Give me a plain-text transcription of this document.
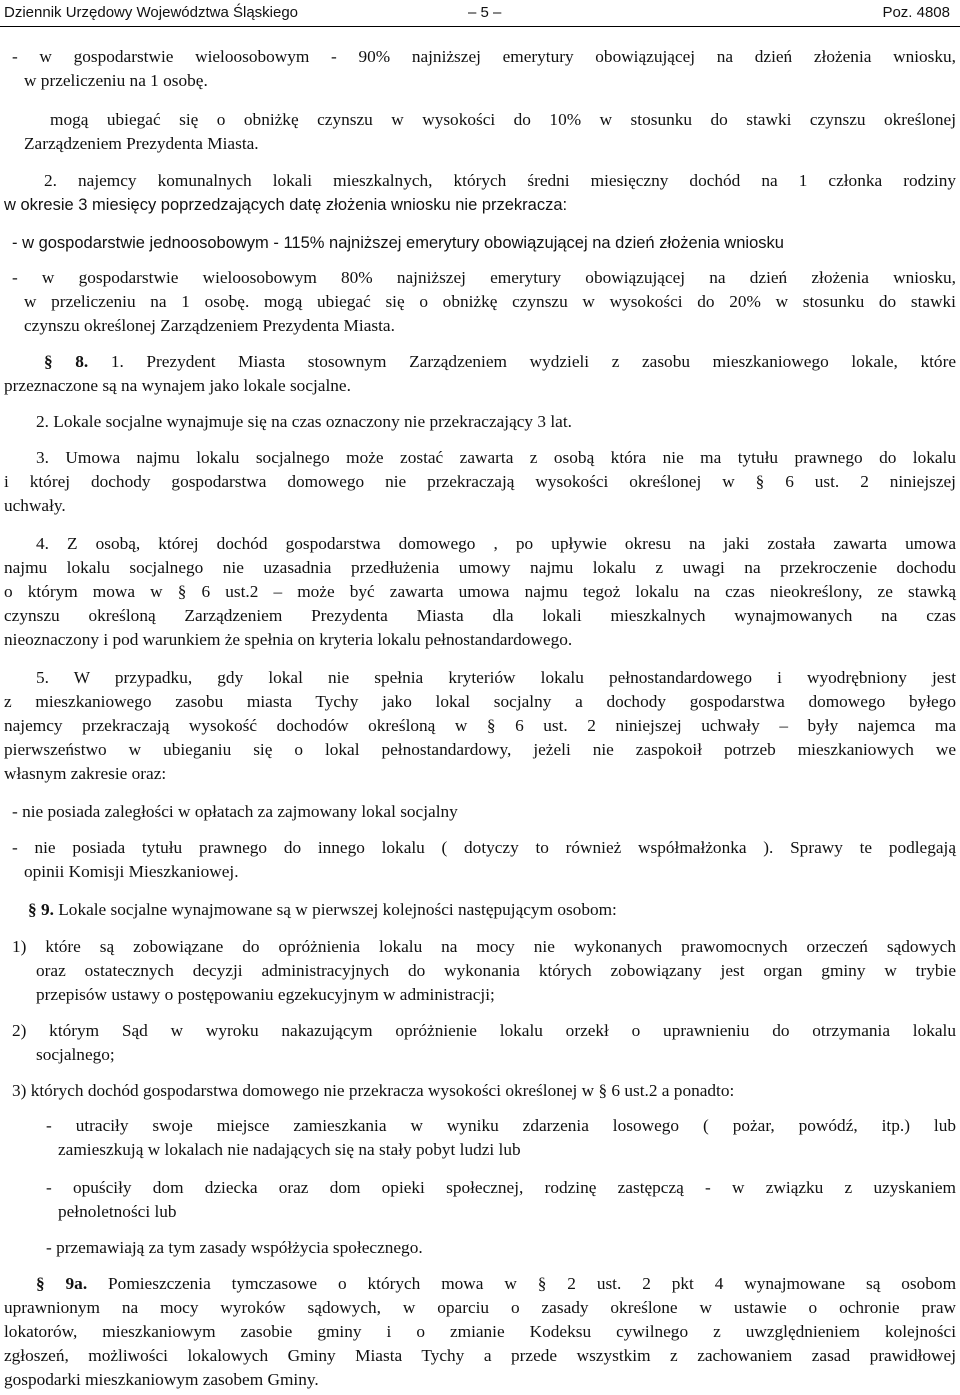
Dziennik Urzędowy Województwa Śląskiego	– 5 –	Poz. 4808
- w gospodarstwie wieloosobowym - 90% najniższej emerytury obowiązującej na dzień złożenia wniosku,
w przeliczeniu na 1 osobę.
mogą ubiegać się o obniżkę czynszu w wysokości do 10% w stosunku do stawki czynszu określonej
Zarządzeniem Prezydenta Miasta.
2. najemcy komunalnych lokali mieszkalnych, których średni miesięczny dochód na 1 członka rodziny
w okresie 3 miesięcy poprzedzających datę złożenia wniosku nie przekracza:
- w gospodarstwie jednoosobowym - 115% najniższej emerytury obowiązującej na dzień złożenia wniosku
- w gospodarstwie wieloosobowym 80% najniższej emerytury obowiązującej na dzień złożenia wniosku,
w przeliczeniu na 1 osobę. mogą ubiegać się o obniżkę czynszu w wysokości do 20% w stosunku do stawki
czynszu określonej Zarządzeniem Prezydenta Miasta.
§ 8. 1. Prezydent Miasta stosownym Zarządzeniem wydzieli z zasobu mieszkaniowego lokale, które
przeznaczone są na wynajem jako lokale socjalne.
2. Lokale socjalne wynajmuje się na czas oznaczony nie przekraczający 3 lat.
3. Umowa najmu lokalu socjalnego może zostać zawarta z osobą która nie ma tytułu prawnego do lokalu
i której dochody gospodarstwa domowego nie przekraczają wysokości określonej w § 6 ust. 2 niniejszej
uchwały.
4. Z osobą, której dochód gospodarstwa domowego , po upływie okresu na jaki została zawarta umowa
najmu lokalu socjalnego nie uzasadnia przedłużenia umowy najmu lokalu z uwagi na przekroczenie dochodu
o którym mowa w § 6 ust.2 – może być zawarta umowa najmu tegoż lokalu na czas nieokreślony, ze stawką
czynszu określoną Zarządzeniem Prezydenta Miasta dla lokali mieszkalnych wynajmowanych na czas
nieoznaczony i pod warunkiem że spełnia on kryteria lokalu pełnostandardowego.
5. W przypadku, gdy lokal nie spełnia kryteriów lokalu pełnostandardowego i wyodrębniony jest
z mieszkaniowego zasobu miasta Tychy jako lokal socjalny a dochody gospodarstwa domowego byłego
najemcy przekraczają wysokość dochodów określoną w § 6 ust. 2 niniejszej uchwały – były najemca ma
pierwszeństwo w ubieganiu się o lokal pełnostandardowy, jeżeli nie zaspokoił potrzeb mieszkaniowych we
własnym zakresie oraz:
- nie posiada zaległości w opłatach za zajmowany lokal socjalny
- nie posiada tytułu prawnego do innego lokalu ( dotyczy to również współmałżonka ). Sprawy te podlegają
opinii Komisji Mieszkaniowej.
§ 9. Lokale socjalne wynajmowane są w pierwszej kolejności następującym osobom:
1) które są zobowiązane do opróżnienia lokalu na mocy nie wykonanych prawomocnych orzeczeń sądowych
oraz ostatecznych decyzji administracyjnych do wykonania których zobowiązany jest organ gminy w trybie
przepisów ustawy o postępowaniu egzekucyjnym w administracji;
2) którym Sąd w wyroku nakazującym opróżnienie lokalu orzekł o uprawnieniu do otrzymania lokalu
socjalnego;
3) których dochód gospodarstwa domowego nie przekracza wysokości określonej w § 6 ust.2 a ponadto:
- utraciły swoje miejsce zamieszkania w wyniku zdarzenia losowego ( pożar, powódź, itp.) lub
zamieszkują w lokalach nie nadających się na stały pobyt ludzi lub
- opuściły dom dziecka oraz dom opieki społecznej, rodzinę zastępczą - w związku z uzyskaniem
pełnoletności lub
- przemawiają za tym zasady współżycia społecznego.
§ 9a. Pomieszczenia tymczasowe o których mowa w § 2 ust. 2 pkt 4 wynajmowane są osobom
uprawnionym na mocy wyroków sądowych, w oparciu o zasady określone w ustawie o ochronie praw
lokatorów, mieszkaniowym zasobie gminy i o zmianie Kodeksu cywilnego z uwzględnieniem kolejności
zgłoszeń, możliwości lokalowych Gminy Miasta Tychy a przede wszystkim z zachowaniem zasad prawidłowej
gospodarki mieszkaniowym zasobem Gminy.
